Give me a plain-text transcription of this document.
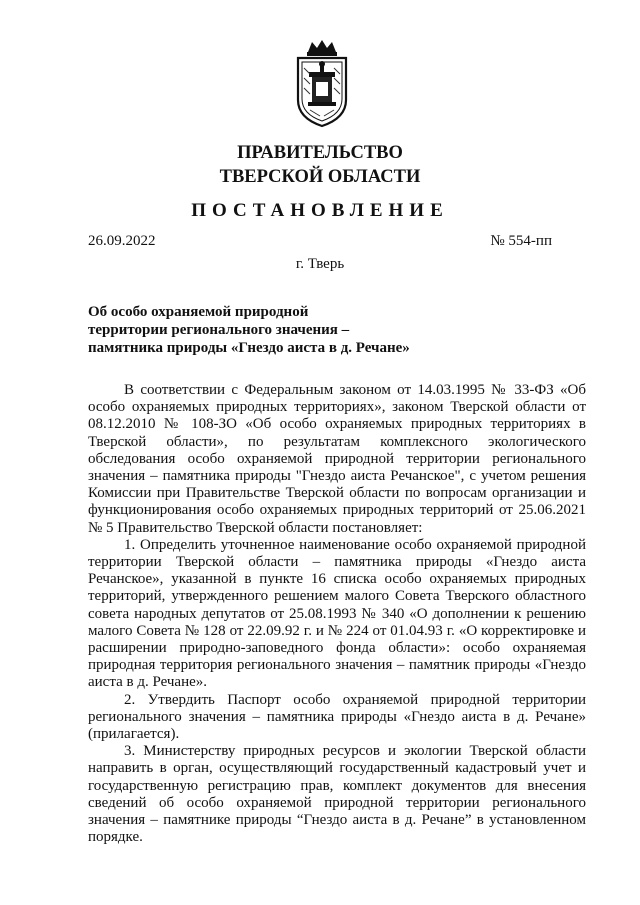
ПРАВИТЕЛЬСТВО
ТВЕРСКОЙ ОБЛАСТИ
ПОСТАНОВЛЕНИЕ
26.09.2022	№ 554-пп
г. Тверь
Об особо охраняемой природной
территории регионального значения –
памятника природы «Гнездо аиста в д. Речане»

В соответствии с Федеральным законом от 14.03.1995 № 33-ФЗ «Об особо охраняемых природных территориях», законом Тверской области от 08.12.2010 № 108-ЗО «Об особо охраняемых природных территориях в Тверской области», по результатам комплексного экологического обследования особо охраняемой природной территории регионального значения – памятника природы "Гнездо аиста Речанское", с учетом решения Комиссии при Правительстве Тверской области по вопросам организации и функционирования особо охраняемых природных территорий от 25.06.2021 № 5 Правительство Тверской области постановляет:

1. Определить уточненное наименование особо охраняемой природной территории Тверской области – памятника природы «Гнездо аиста Речанское», указанной в пункте 16 списка особо охраняемых природных территорий, утвержденного решением малого Совета Тверского областного совета народных депутатов от 25.08.1993 № 340 «О дополнении к решению малого Совета № 128 от 22.09.92 г. и № 224 от 01.04.93 г. «О корректировке и расширении природно-заповедного фонда области»: особо охраняемая природная территория регионального значения – памятник природы «Гнездо аиста в д. Речане».

2. Утвердить Паспорт особо охраняемой природной территории регионального значения – памятника природы «Гнездо аиста в д. Речане» (прилагается).

3. Министерству природных ресурсов и экологии Тверской области направить в орган, осуществляющий государственный кадастровый учет и государственную регистрацию прав, комплект документов для внесения сведений об особо охраняемой природной территории регионального значения – памятнике природы “Гнездо аиста в д. Речане” в установленном порядке.
